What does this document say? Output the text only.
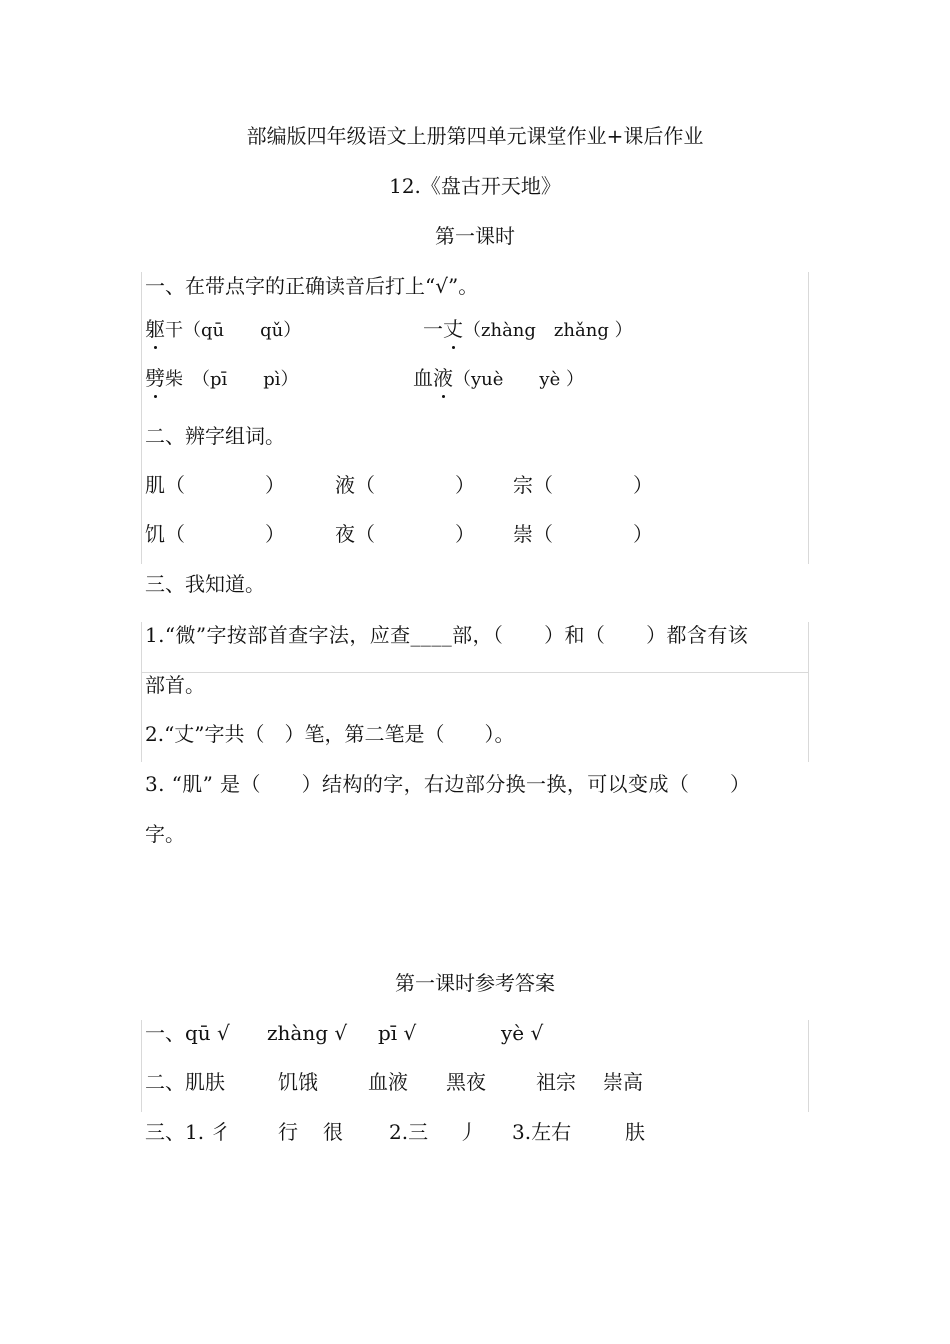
部编版四年级语文上册第四单元课堂作业+课后作业
12.《盘古开天地》
第一课时
一、在带点字的正确读音后打上“√”。
躯干（qū　　qǔ）	一丈（zhàng　zhǎng ）
劈柴　（pī　　pì）	血液（yuè　　yè ）
二、辨字组词。
肌（　　　　）	液（　　　　） 宗（　　　　）
饥（　　　　）	夜（　　　　） 崇（　　　　）
三、我知道。
1.“微”字按部首查字法，应查____部，（　　）和（　　）都含有该
部首。
2.“丈”字共（　）笔，第二笔是（　　）。
3. “肌” 是（　　）结构的字，右边部分换一换，可以变成（　　）
字。
第一课时参考答案
一、qū √ zhàng √ pī √	yè √
二、肌肤	饥饿	血液 黑夜	祖宗 崇高
三、1. 彳 行 很 2.三 丿 3.左右	肤
